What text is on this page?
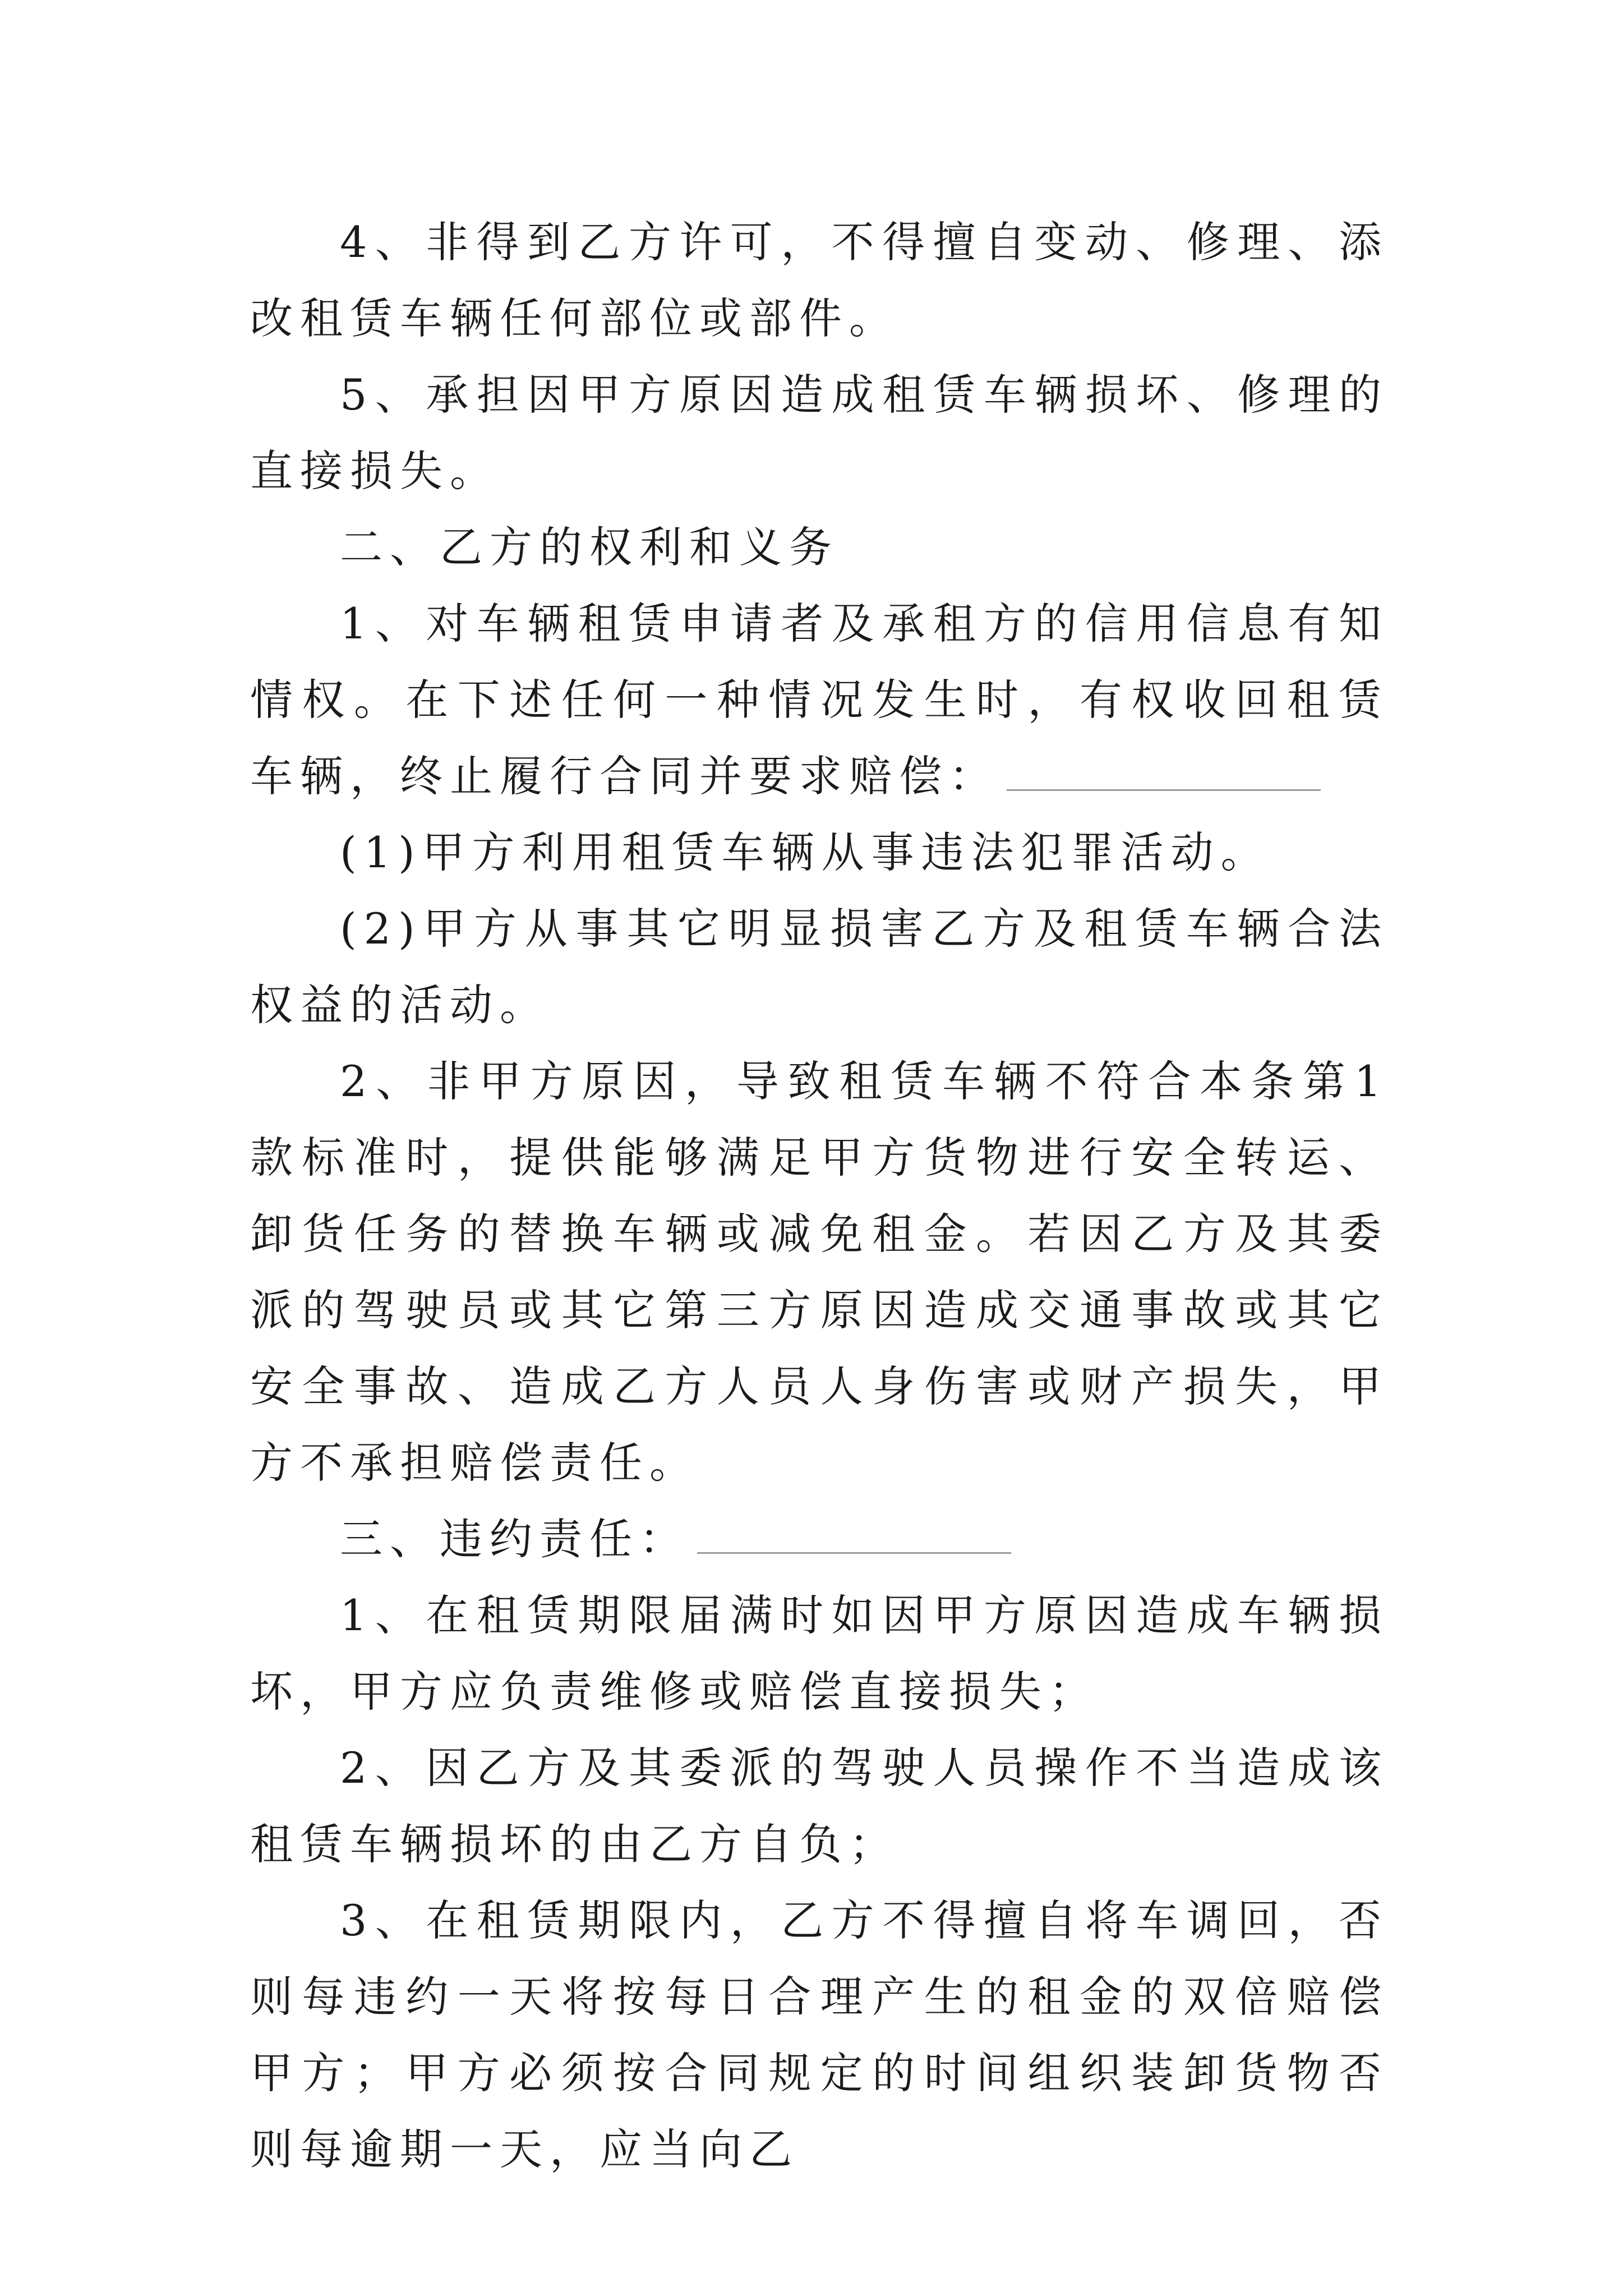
4、非得到乙方许可，不得擅自变动、修理、添改租赁车辆任何部位或部件。

5、承担因甲方原因造成租赁车辆损坏、修理的直接损失。

二、乙方的权利和义务

1、对车辆租赁申请者及承租方的信用信息有知情权。在下述任何一种情况发生时，有权收回租赁车辆，终止履行合同并要求赔偿：

(1)甲方利用租赁车辆从事违法犯罪活动。

(2)甲方从事其它明显损害乙方及租赁车辆合法权益的活动。

2、非甲方原因，导致租赁车辆不符合本条第1款标准时，提供能够满足甲方货物进行安全转运、卸货任务的替换车辆或减免租金。若因乙方及其委派的驾驶员或其它第三方原因造成交通事故或其它安全事故、造成乙方人员人身伤害或财产损失，甲方不承担赔偿责任。

三、违约责任：

1、在租赁期限届满时如因甲方原因造成车辆损坏，甲方应负责维修或赔偿直接损失；

2、因乙方及其委派的驾驶人员操作不当造成该租赁车辆损坏的由乙方自负；

3、在租赁期限内，乙方不得擅自将车调回，否则每违约一天将按每日合理产生的租金的双倍赔偿甲方；甲方必须按合同规定的时间组织装卸货物否则每逾期一天，应当向乙
